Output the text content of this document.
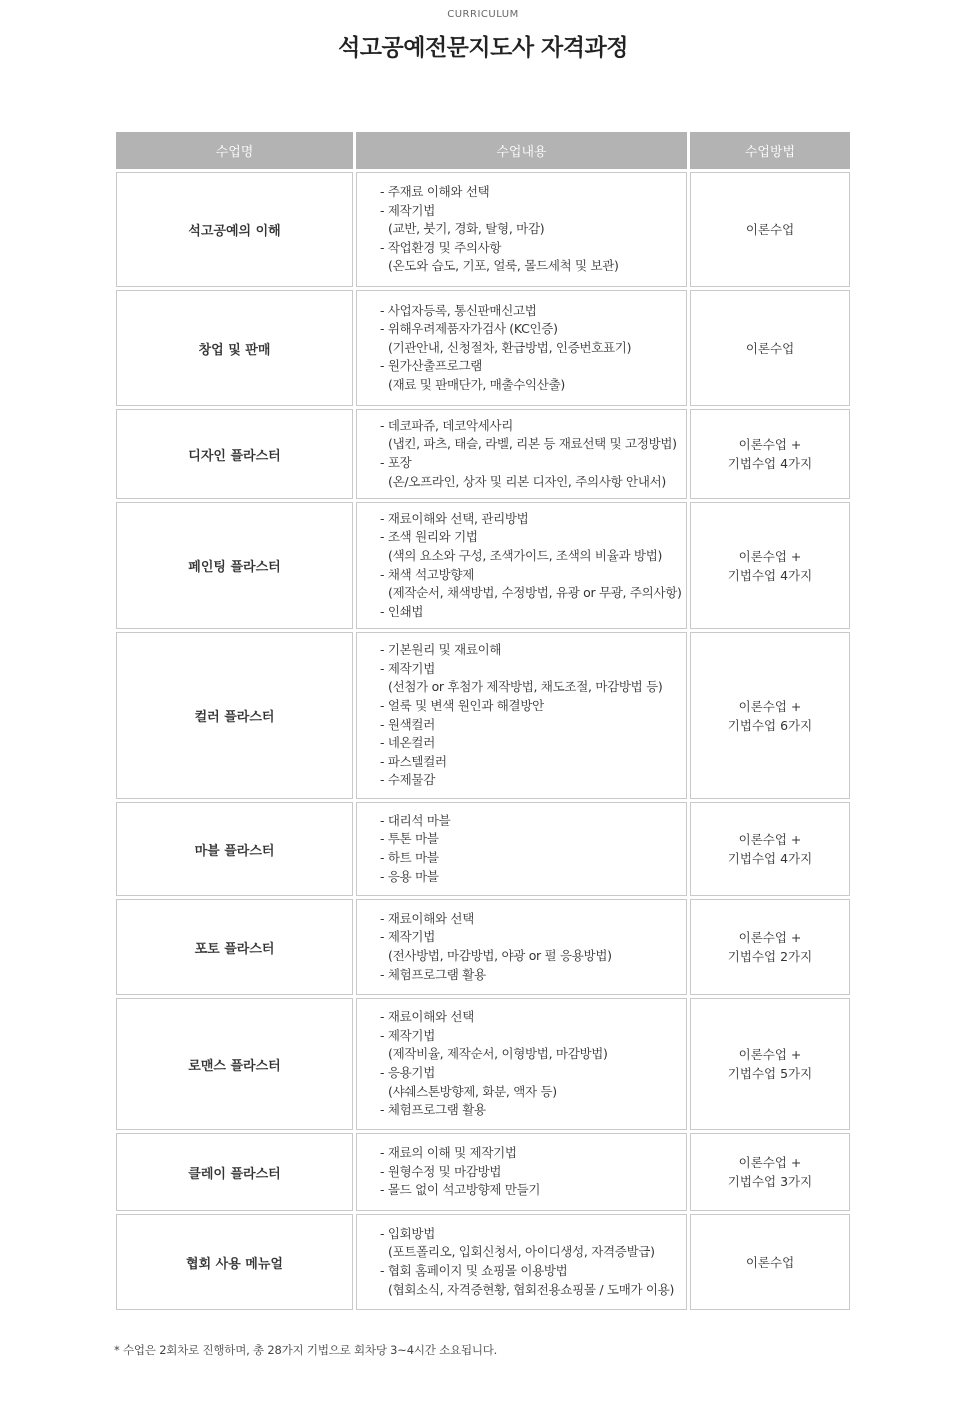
CURRICULUM
석고공예전문지도사 자격과정
수업명	수업내용	수업방법
석고공예의 이해
- 주재료 이해와 선택
- 제작기법
(교반, 붓기, 경화, 탈형, 마감)
- 작업환경 및 주의사항
(온도와 습도, 기포, 얼룩, 몰드세척 및 보관)
이론수업
창업 및 판매
- 사업자등록, 통신판매신고법
- 위해우려제품자가검사 (KC인증)
(기관안내, 신청절차, 환급방법, 인증번호표기)
- 원가산출프로그램
(재료 및 판매단가, 매출수익산출)
이론수업
디자인 플라스터
- 데코파쥬, 데코악세사리
(냅킨, 파츠, 태슬, 라벨, 리본 등 재료선택 및 고정방법)
- 포장
(온/오프라인, 상자 및 리본 디자인, 주의사항 안내서)
이론수업 +
기법수업 4가지
페인팅 플라스터
- 재료이해와 선택, 관리방법
- 조색 원리와 기법
(색의 요소와 구성, 조색가이드, 조색의 비율과 방법)
- 채색 석고방향제
(제작순서, 채색방법, 수정방법, 유광 or 무광, 주의사항)
- 인쇄법
이론수업 +
기법수업 4가지
컬러 플라스터
- 기본원리 및 재료이해
- 제작기법
(선첨가 or 후첨가 제작방법, 채도조절, 마감방법 등)
- 얼룩 및 변색 원인과 해결방안
- 원색컬러
- 네온컬러
- 파스텔컬러
- 수제물감
이론수업 +
기법수업 6가지
마블 플라스터
- 대리석 마블
- 투톤 마블
- 하트 마블
- 응용 마블
이론수업 +
기법수업 4가지
포토 플라스터
- 재료이해와 선택
- 제작기법
(전사방법, 마감방법, 야광 or 펄 응용방법)
- 체험프로그램 활용
이론수업 +
기법수업 2가지
로맨스 플라스터
- 재료이해와 선택
- 제작기법
(제작비율, 제작순서, 이형방법, 마감방법)
- 응용기법
(샤쉐스톤방향제, 화분, 액자 등)
- 체험프로그램 활용
이론수업 +
기법수업 5가지
클레이 플라스터
- 재료의 이해 및 제작기법
- 원형수정 및 마감방법
- 몰드 없이 석고방향제 만들기
이론수업 +
기법수업 3가지
협회 사용 메뉴얼
- 입회방법
(포트폴리오, 입회신청서, 아이디생성, 자격증발급)
- 협회 홈페이지 및 쇼핑몰 이용방법
(협회소식, 자격증현황, 협회전용쇼핑몰 / 도매가 이용)
이론수업
* 수업은 2회차로 진행하며, 총 28가지 기법으로 회차당 3~4시간 소요됩니다.
